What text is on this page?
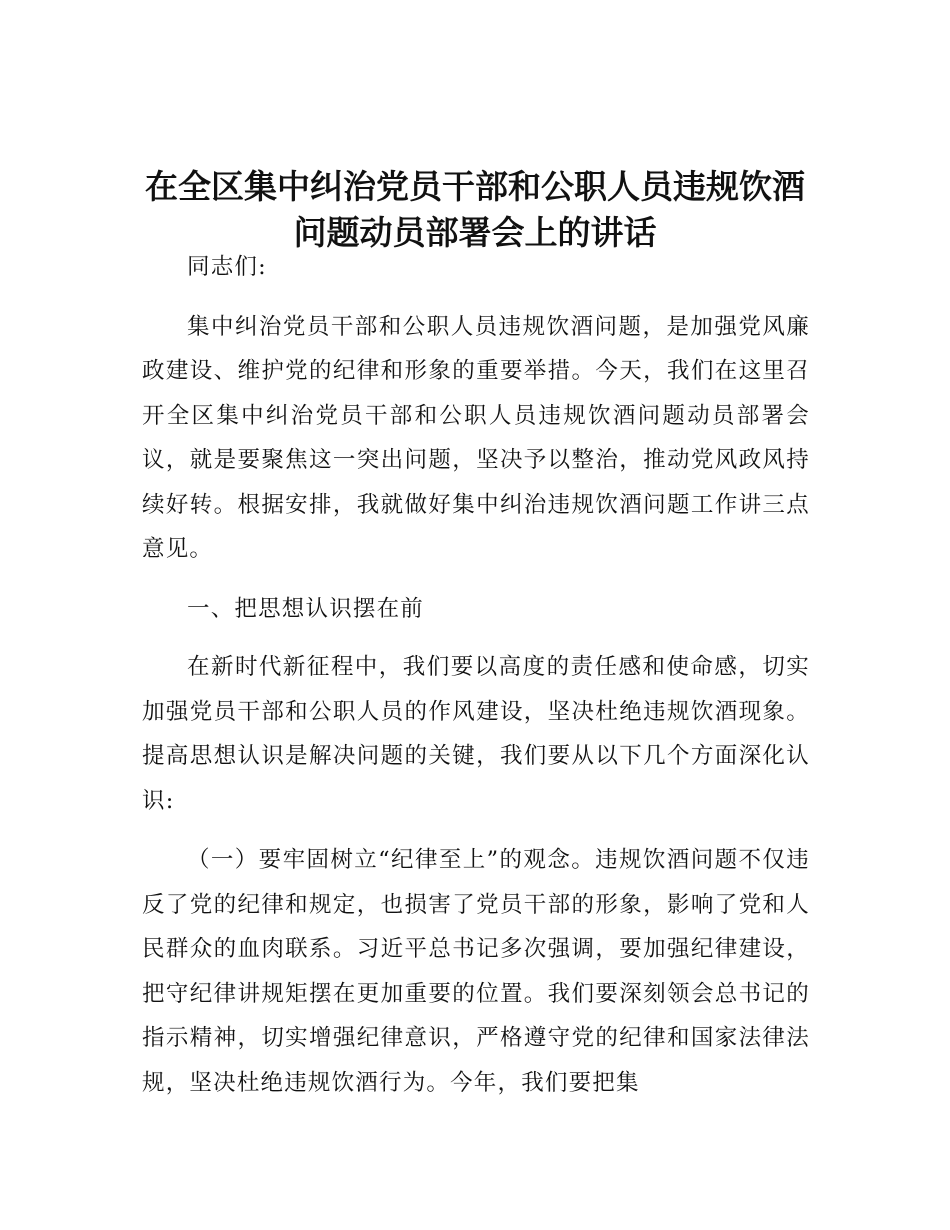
在全区集中纠治党员干部和公职人员违规饮酒
问题动员部署会上的讲话

同志们:

集中纠治党员干部和公职人员违规饮酒问题，是加强党风廉政建设、维护党的纪律和形象的重要举措。今天，我们在这里召开全区集中纠治党员干部和公职人员违规饮酒问题动员部署会议，就是要聚焦这一突出问题，坚决予以整治，推动党风政风持续好转。根据安排，我就做好集中纠治违规饮酒问题工作讲三点意见。

一、把思想认识摆在前

在新时代新征程中，我们要以高度的责任感和使命感，切实加强党员干部和公职人员的作风建设，坚决杜绝违规饮酒现象。提高思想认识是解决问题的关键，我们要从以下几个方面深化认识:

（一）要牢固树立“纪律至上”的观念。违规饮酒问题不仅违反了党的纪律和规定，也损害了党员干部的形象，影响了党和人民群众的血肉联系。习近平总书记多次强调，要加强纪律建设，把守纪律讲规矩摆在更加重要的位置。我们要深刻领会总书记的指示精神，切实增强纪律意识，严格遵守党的纪律和国家法律法规，坚决杜绝违规饮酒行为。今年，我们要把集
